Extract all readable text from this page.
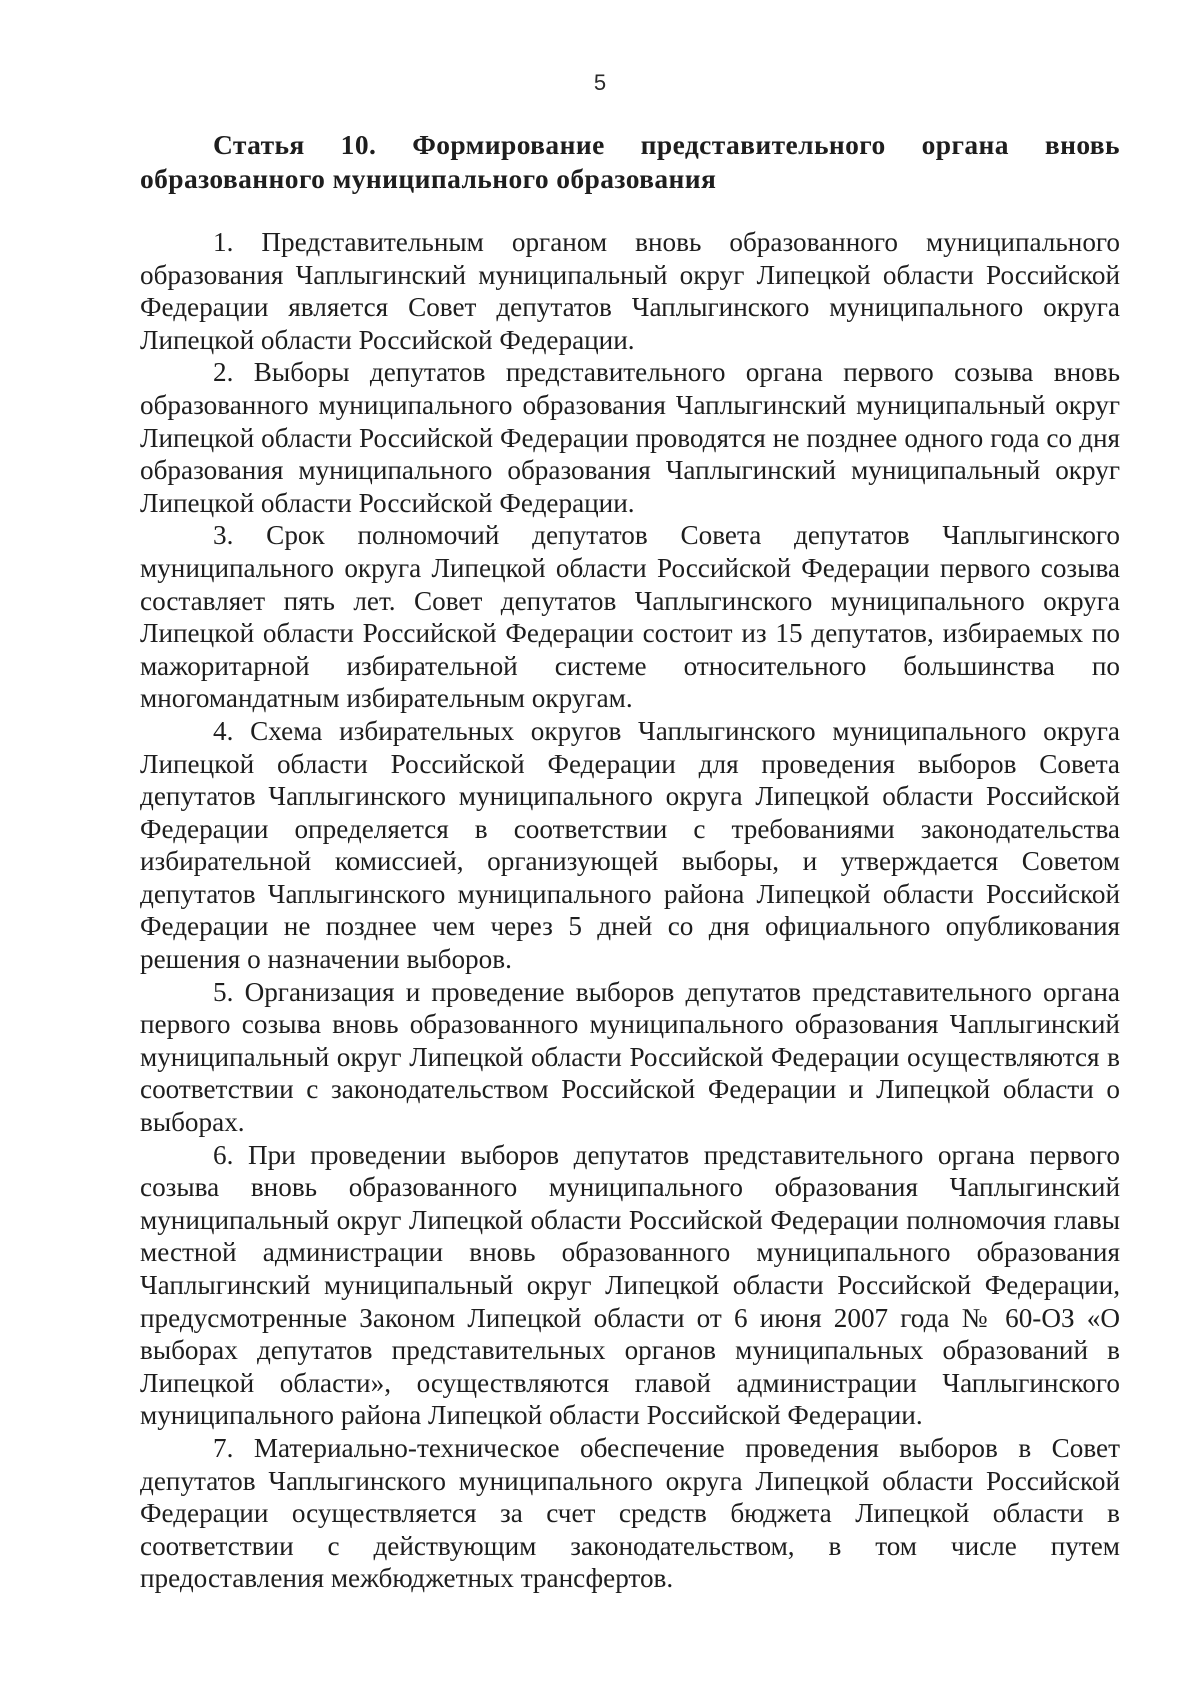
5

Статья 10. Формирование представительного органа вновь образованного муниципального образования

1. Представительным органом вновь образованного муниципального образования Чаплыгинский муниципальный округ Липецкой области Российской Федерации является Совет депутатов Чаплыгинского муниципального округа Липецкой области Российской Федерации.

2. Выборы депутатов представительного органа первого созыва вновь образованного муниципального образования Чаплыгинский муниципальный округ Липецкой области Российской Федерации проводятся не позднее одного года со дня образования муниципального образования Чаплыгинский муниципальный округ Липецкой области Российской Федерации.

3. Срок полномочий депутатов Совета депутатов Чаплыгинского муниципального округа Липецкой области Российской Федерации первого созыва составляет пять лет. Совет депутатов Чаплыгинского муниципального округа Липецкой области Российской Федерации состоит из 15 депутатов, избираемых по мажоритарной избирательной системе относительного большинства по многомандатным избирательным округам.

4. Схема избирательных округов Чаплыгинского муниципального округа Липецкой области Российской Федерации для проведения выборов Совета депутатов Чаплыгинского муниципального округа Липецкой области Российской Федерации определяется в соответствии с требованиями законодательства избирательной комиссией, организующей выборы, и утверждается Советом депутатов Чаплыгинского муниципального района Липецкой области Российской Федерации не позднее чем через 5 дней со дня официального опубликования решения о назначении выборов.

5. Организация и проведение выборов депутатов представительного органа первого созыва вновь образованного муниципального образования Чаплыгинский муниципальный округ Липецкой области Российской Федерации осуществляются в соответствии с законодательством Российской Федерации и Липецкой области о выборах.

6. При проведении выборов депутатов представительного органа первого созыва вновь образованного муниципального образования Чаплыгинский муниципальный округ Липецкой области Российской Федерации полномочия главы местной администрации вновь образованного муниципального образования Чаплыгинский муниципальный округ Липецкой области Российской Федерации, предусмотренные Законом Липецкой области от 6 июня 2007 года № 60-ОЗ «О выборах депутатов представительных органов муниципальных образований в Липецкой области», осуществляются главой администрации Чаплыгинского муниципального района Липецкой области Российской Федерации.

7. Материально-техническое обеспечение проведения выборов в Совет депутатов Чаплыгинского муниципального округа Липецкой области Российской Федерации осуществляется за счет средств бюджета Липецкой области в соответствии с действующим законодательством, в том числе путем предоставления межбюджетных трансфертов.
